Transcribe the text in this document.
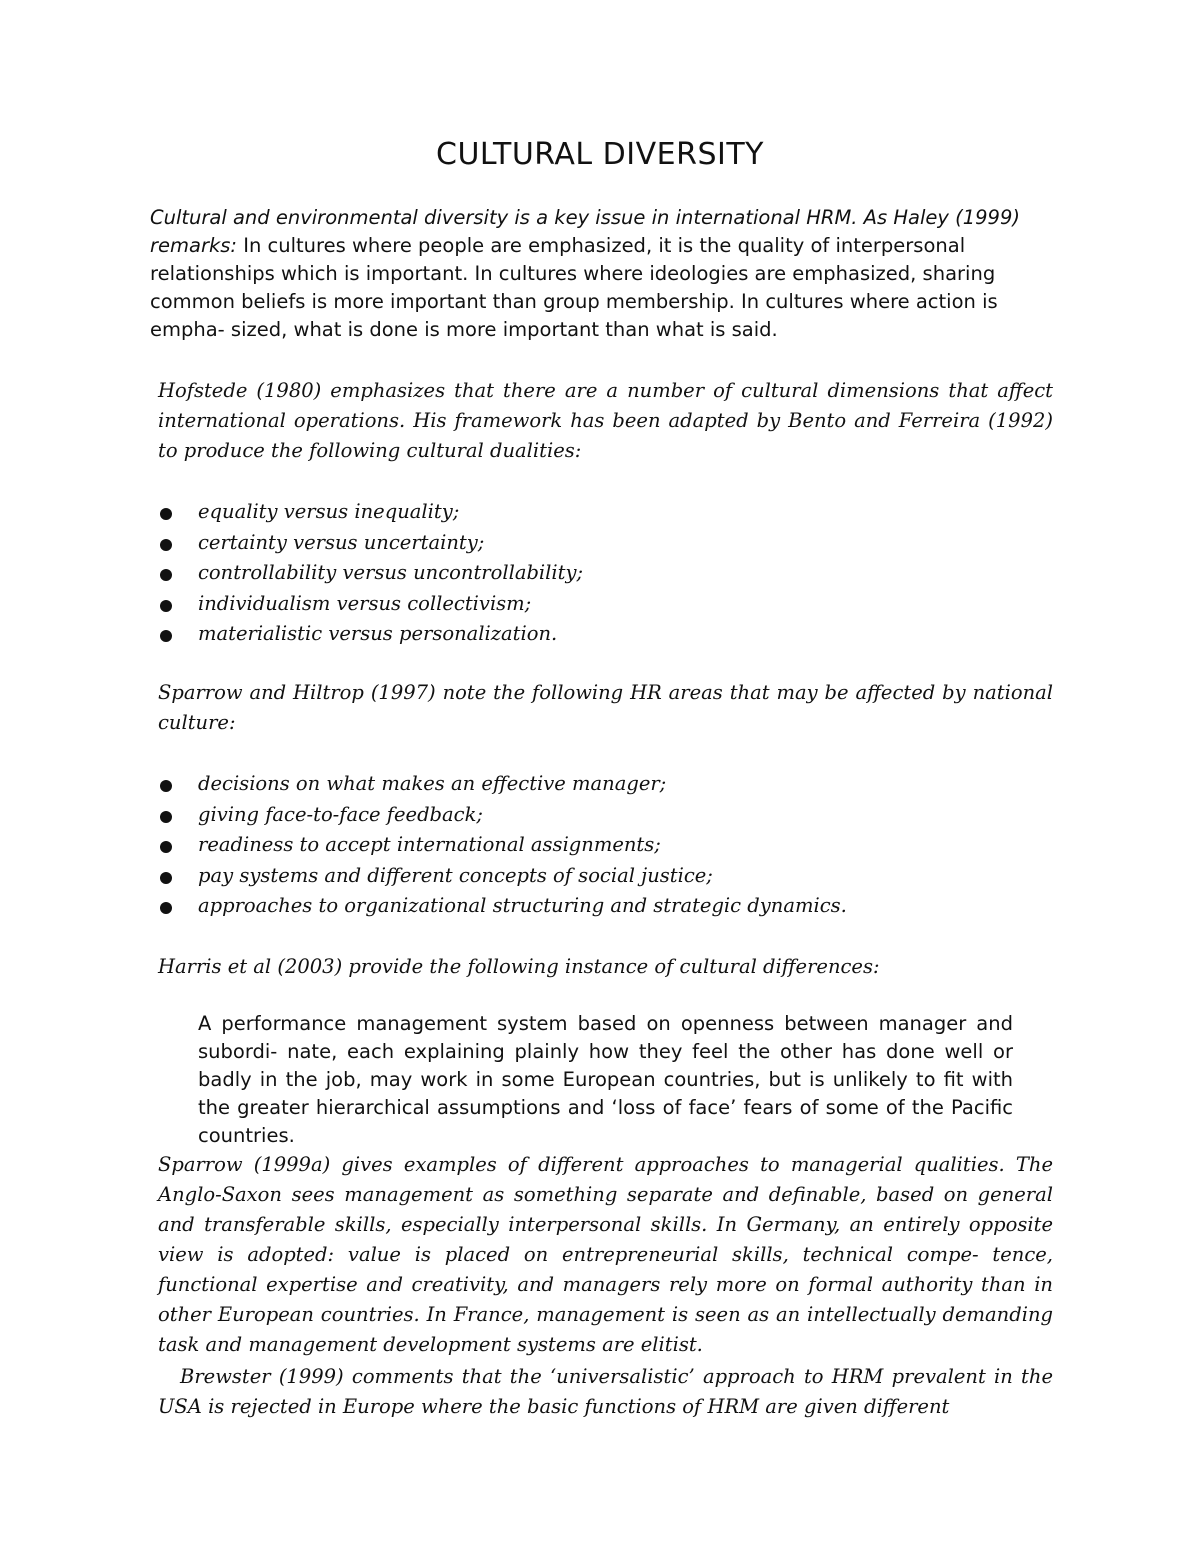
CULTURAL DIVERSITY

Cultural and environmental diversity is a key issue in international HRM. As Haley (1999) remarks: In cultures where people are emphasized, it is the quality of interpersonal relationships which is important. In cultures where ideologies are emphasized, sharing common beliefs is more important than group membership. In cultures where action is empha- sized, what is done is more important than what is said.

Hofstede (1980) emphasizes that there are a number of cultural dimensions that affect international operations. His framework has been adapted by Bento and Ferreira (1992) to produce the following cultural dualities:

equality versus inequality;
certainty versus uncertainty;
controllability versus uncontrollability;
individualism versus collectivism;
materialistic versus personalization.

Sparrow and Hiltrop (1997) note the following HR areas that may be affected by national culture:

decisions on what makes an effective manager;
giving face-to-face feedback;
readiness to accept international assignments;
pay systems and different concepts of social justice;
approaches to organizational structuring and strategic dynamics.

Harris et al (2003) provide the following instance of cultural differences:

A performance management system based on openness between manager and subordi- nate, each explaining plainly how they feel the other has done well or badly in the job, may work in some European countries, but is unlikely to fit with the greater hierarchical assumptions and ‘loss of face’ fears of some of the Pacific countries.

Sparrow (1999a) gives examples of different approaches to managerial qualities. The Anglo-Saxon sees management as something separate and definable, based on general and transferable skills, especially interpersonal skills. In Germany, an entirely opposite view is adopted: value is placed on entrepreneurial skills, technical compe- tence, functional expertise and creativity, and managers rely more on formal authority than in other European countries. In France, management is seen as an intellectually demanding task and management development systems are elitist.

Brewster (1999) comments that the ‘universalistic’ approach to HRM prevalent in the USA is rejected in Europe where the basic functions of HRM are given different
